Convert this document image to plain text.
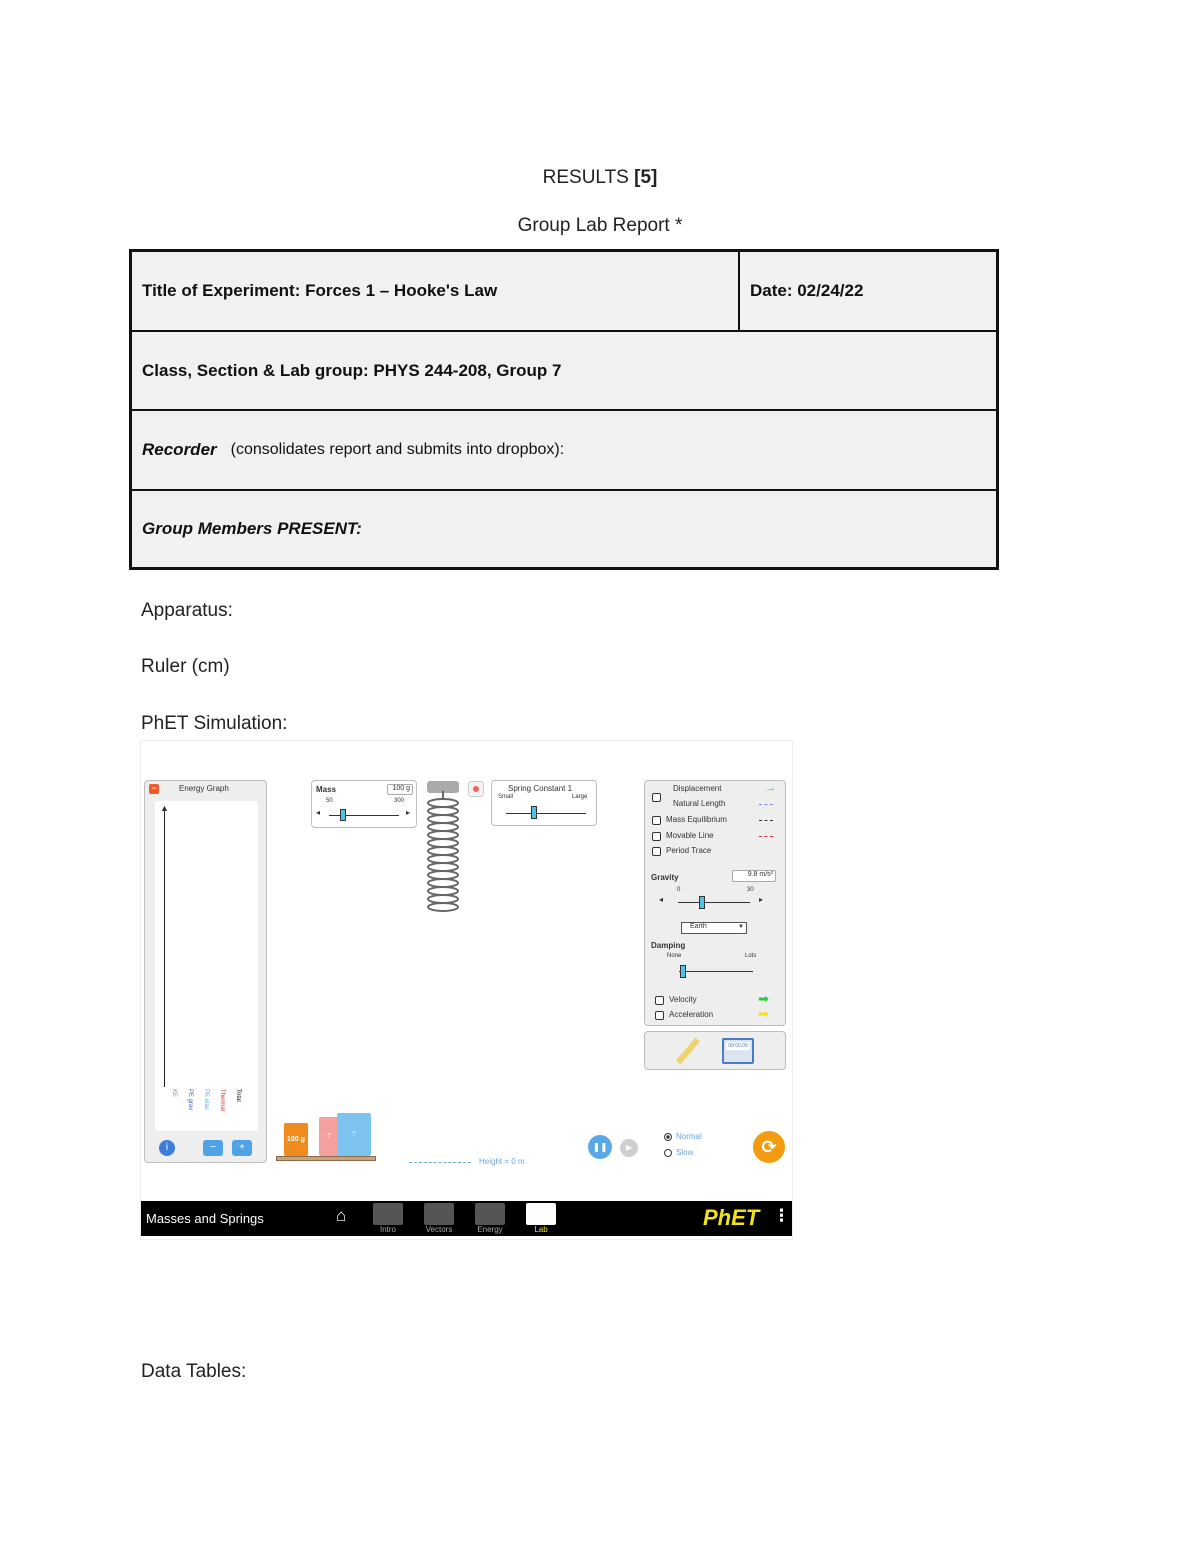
RESULTS [5]
Group Lab Report *
Title of Experiment: Forces 1 – Hooke's Law	Date: 02/24/22
Class, Section & Lab group: PHYS 244-208, Group 7
Recorder (consolidates report and submits into dropbox):
Group Members PRESENT:
Apparatus:
Ruler (cm)
PhET Simulation:
−	Energy Graph
▲
KE PE grav PE elas Thermal Total
i	−	+
Mass	100 g
50	300
◂	▸
Spring Constant 1
Small	Large
100 g	?	?
Height = 0 m
❚❚	▶
Normal
Slow	⟳
Displacement	→
Natural Length
Mass Equilibrium
Movable Line
Period Trace
Gravity	9.8 m/s²
0	30
◂	▸
Earth	▼
Damping
None	Lots
Velocity	➡
Acceleration	➡
00:00.00
Masses and Springs	⌂
Intro	Vectors	Energy	Lab	PhET ⋮
Data Tables:
